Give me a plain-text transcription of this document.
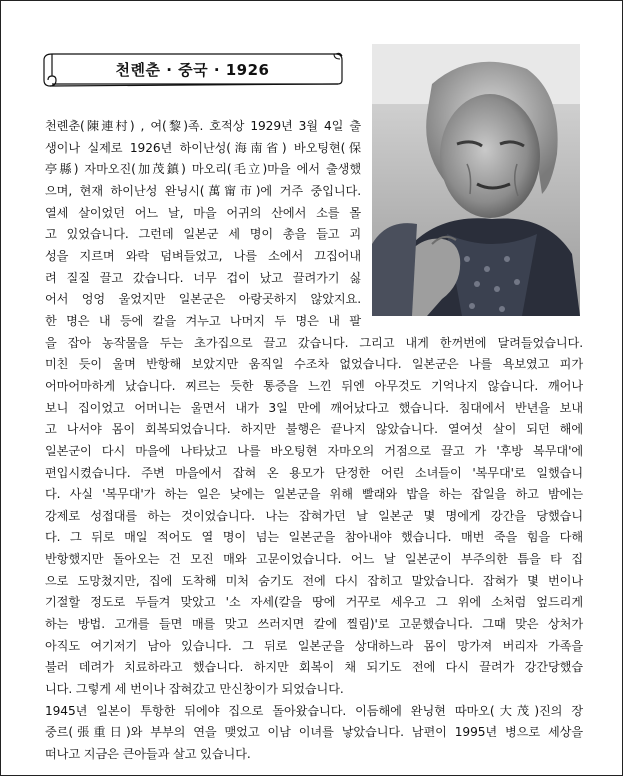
천롄춘 · 중국 · 1926
천롄춘(陳連村) , 여(黎)족. 호적상 1929년 3월 4일 출
생이나 실제로 1926년 하이난성(海南省) 바오팅현(保
亭縣) 자마오진(加茂鎮) 마오리(毛立)마을 에서 출생했
으며, 현재 하이난성 완닝시(萬甯市)에 거주 중입니다.
열세 살이었던 어느 날, 마을 어귀의 산에서 소를 몰
고 있었습니다. 그런데 일본군 세 명이 총을 들고 괴
성을 지르며 와락 덤벼들었고, 나를 소에서 끄집어내
려 질질 끌고 갔습니다. 너무 겁이 났고 끌려가기 싫
어서 엉엉 울었지만 일본군은 아랑곳하지 않았지요.
한 명은 내 등에 칼을 겨누고 나머지 두 명은 내 팔
을 잡아 농작물을 두는 초가집으로 끌고 갔습니다. 그리고 내게 한꺼번에 달려들었습니다.
미친 듯이 울며 반항해 보았지만 움직일 수조차 없었습니다. 일본군은 나를 욕보였고 피가
어마어마하게 났습니다. 찌르는 듯한 통증을 느낀 뒤엔 아무것도 기억나지 않습니다. 깨어나
보니 집이었고 어머니는 울면서 내가 3일 만에 깨어났다고 했습니다. 침대에서 반년을 보내
고 나서야 몸이 회복되었습니다. 하지만 불행은 끝나지 않았습니다. 열여섯 살이 되던 해에
일본군이 다시 마을에 나타났고 나를 바오팅현 자마오의 거점으로 끌고 가 '후방 복무대'에
편입시켰습니다. 주변 마을에서 잡혀 온 용모가 단정한 어린 소녀들이 '복무대'로 일했습니
다. 사실 '복무대'가 하는 일은 낮에는 일본군을 위해 빨래와 밥을 하는 잡일을 하고 밤에는
강제로 성접대를 하는 것이었습니다. 나는 잡혀가던 날 일본군 몇 명에게 강간을 당했습니
다. 그 뒤로 매일 적어도 열 명이 넘는 일본군을 참아내야 했습니다. 매번 죽을 힘을 다해
반항했지만 돌아오는 건 모진 매와 고문이었습니다. 어느 날 일본군이 부주의한 틈을 타 집
으로 도망쳤지만, 집에 도착해 미처 숨기도 전에 다시 잡히고 말았습니다. 잡혀가 몇 번이나
기절할 정도로 두들겨 맞았고 '소 자세(칼을 땅에 거꾸로 세우고 그 위에 소처럼 엎드리게
하는 방법. 고개를 들면 매를 맞고 쓰러지면 칼에 찔림)'로 고문했습니다. 그때 맞은 상처가
아직도 여기저기 남아 있습니다. 그 뒤로 일본군을 상대하느라 몸이 망가져 버리자 가족을
불러 데려가 치료하라고 했습니다. 하지만 회복이 채 되기도 전에 다시 끌려가 강간당했습
니다. 그렇게 세 번이나 잡혀갔고 만신창이가 되었습니다.
1945년 일본이 투항한 뒤에야 집으로 돌아왔습니다. 이듬해에 완닝현 따마오(大茂)진의 장
중르(張重日)와 부부의 연을 맺었고 이남 이녀를 낳았습니다. 남편이 1995년 병으로 세상을
떠나고 지금은 큰아들과 살고 있습니다.
